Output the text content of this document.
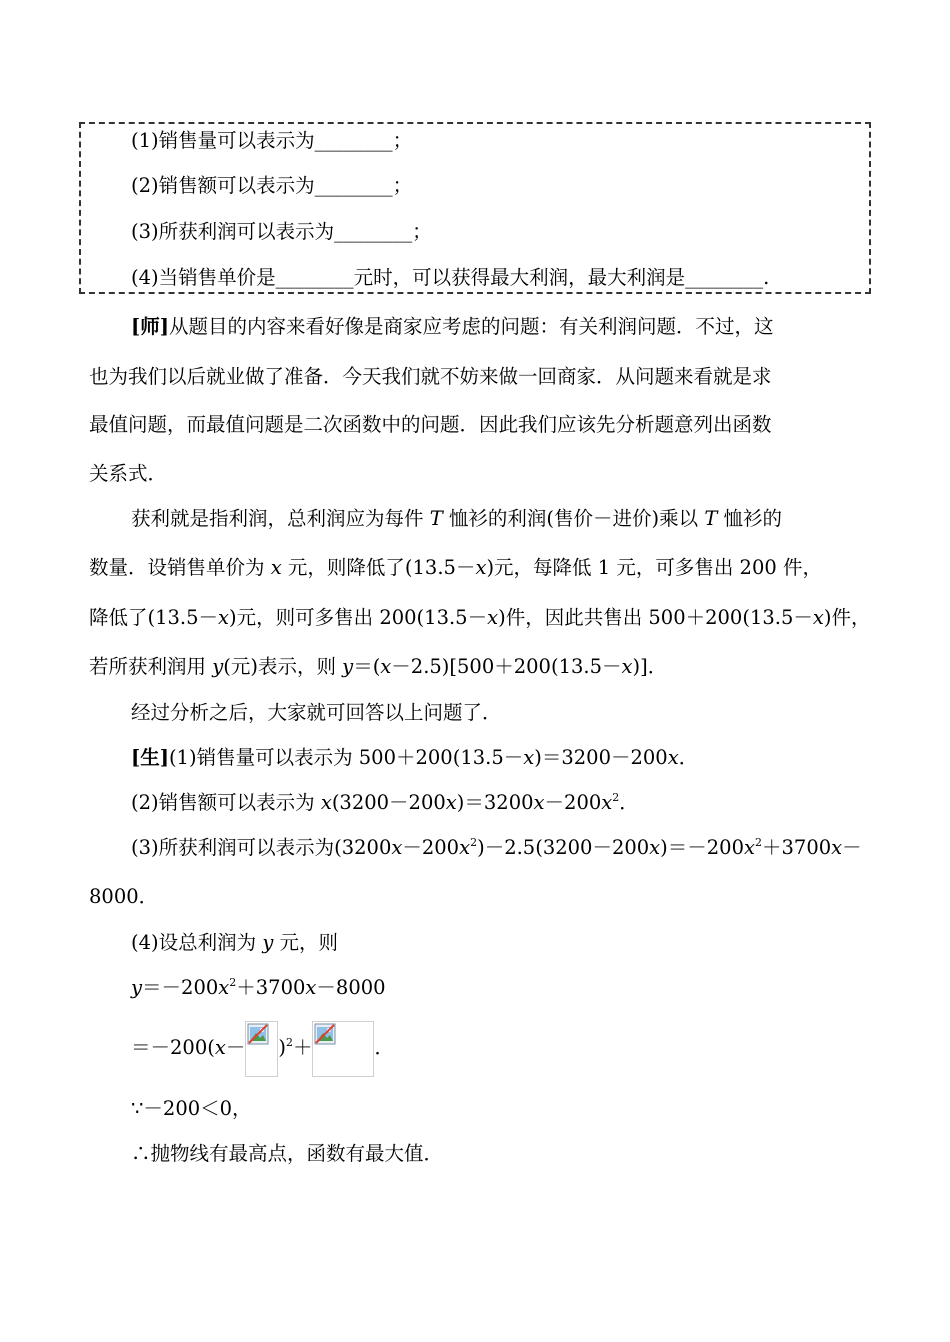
(1)销售量可以表示为________；
(2)销售额可以表示为________；
(3)所获利润可以表示为________；
(4)当销售单价是________元时，可以获得最大利润，最大利润是________.
[师]从题目的内容来看好像是商家应考虑的问题：有关利润问题．不过，这
也为我们以后就业做了准备．今天我们就不妨来做一回商家．从问题来看就是求
最值问题，而最值问题是二次函数中的问题．因此我们应该先分析题意列出函数
关系式．
获利就是指利润，总利润应为每件 T 恤衫的利润(售价－进价)乘以 T 恤衫的
数量．设销售单价为 x 元，则降低了(13.5－x)元，每降低 1 元，可多售出 200 件，
降低了(13.5－x)元，则可多售出 200(13.5－x)件，因此共售出 500＋200(13.5－x)件，
若所获利润用 y(元)表示，则 y＝(x－2.5)[500＋200(13.5－x)]．
经过分析之后，大家就可回答以上问题了．
[生](1)销售量可以表示为 500＋200(13.5－x)＝3200－200x．
(2)销售额可以表示为 $x(3200-200x)=3200x-200x^2$．
(3)所获利润可以表示为$(3200x-200x^2)-2.5(3200-200x)=-200x^2+3700x-$
8000．
(4)设总利润为 y 元，则
$y=-200x^2+3700x-8000$
$=-200(x- )^2+$	．
∵－200＜0，
∴抛物线有最高点，函数有最大值．
